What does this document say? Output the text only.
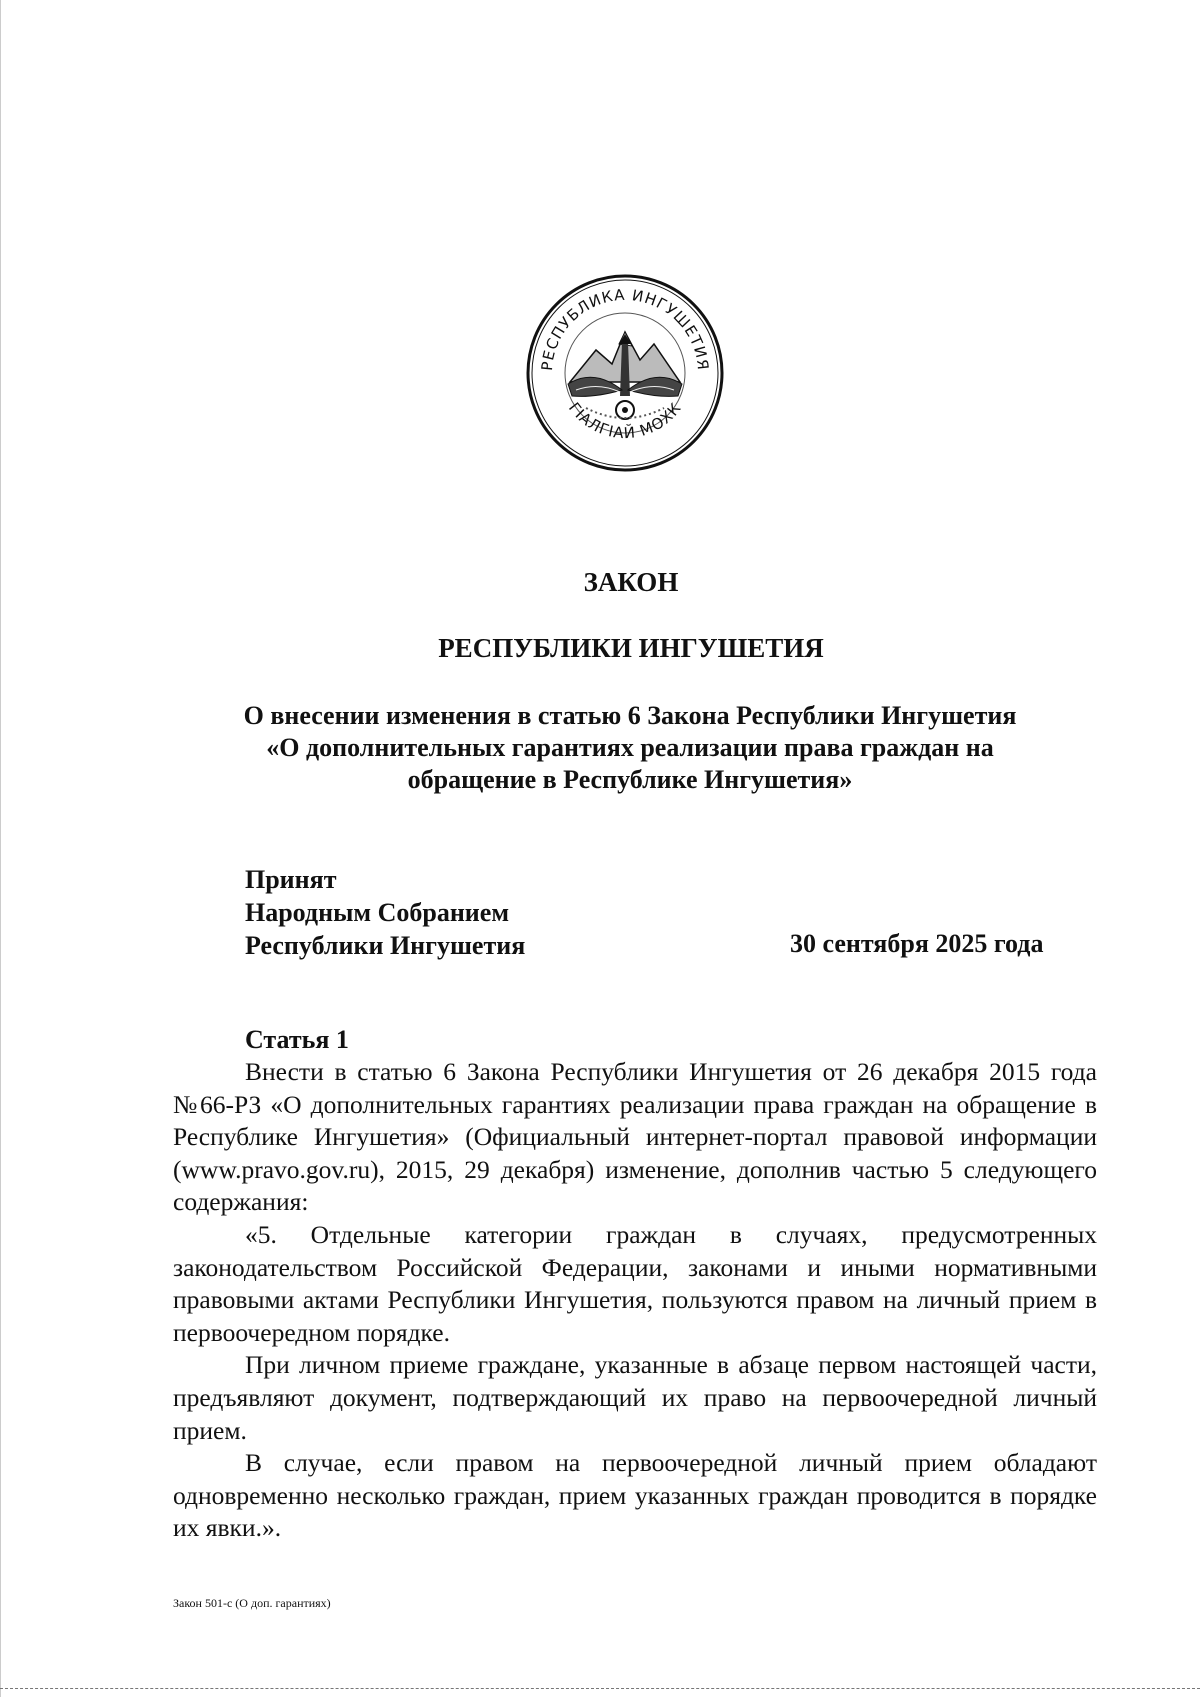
РЕСПУБЛИКА ИНГУШЕТИЯ
ГІАЛГІАЙ МОХК
ЗАКОН
РЕСПУБЛИКИ ИНГУШЕТИЯ
О внесении изменения в статью 6 Закона Республики Ингушетия
«О дополнительных гарантиях реализации права граждан на
обращение в Республике Ингушетия»
Принят
Народным Собранием
Республики Ингушетия	30 сентября 2025 года
Статья 1

Внести в статью 6 Закона Республики Ингушетия от 26 декабря 2015 года №66-РЗ «О дополнительных гарантиях реализации права граждан на обращение в Республике Ингушетия» (Официальный интернет-портал правовой информации (www.pravo.gov.ru), 2015, 29 декабря) изменение, дополнив частью 5 следующего содержания:

«5. Отдельные категории граждан в случаях, предусмотренных законодательством Российской Федерации, законами и иными нормативными правовыми актами Республики Ингушетия, пользуются правом на личный прием в первоочередном порядке.

При личном приеме граждане, указанные в абзаце первом настоящей части, предъявляют документ, подтверждающий их право на первоочередной личный прием.

В случае, если правом на первоочередной личный прием обладают одновременно несколько граждан, прием указанных граждан проводится в порядке их явки.».

Закон 501-с (О доп. гарантиях)
